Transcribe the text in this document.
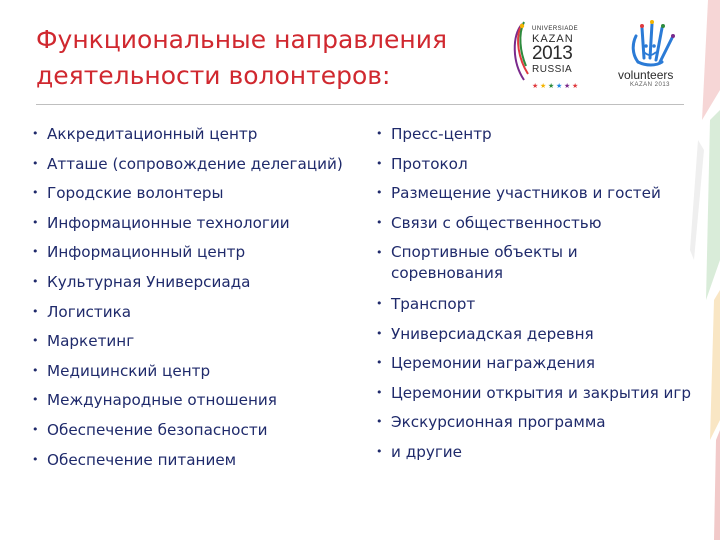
Функциональные направления
деятельности волонтеров:	★ ★ ★ ★ ★ ★
UNIVERSIADE
KAZAN
2013
RUSSIA	volunteers
KAZAN 2013
• Аккредитационный центр
• Атташе (сопровождение делегаций)
• Городские волонтеры
• Информационные технологии
• Информационный центр
• Культурная Универсиада
• Логистика
• Маркетинг
• Медицинский центр
• Международные отношения
• Обеспечение безопасности
• Обеспечение питанием
• Пресс-центр
• Протокол
• Размещение участников и гостей
• Связи с общественностью
• Спортивные объекты и соревнования
• Транспорт
• Универсиадская деревня
• Церемонии награждения
• Церемонии открытия и закрытия игр
• Экскурсионная программа
• и другие
